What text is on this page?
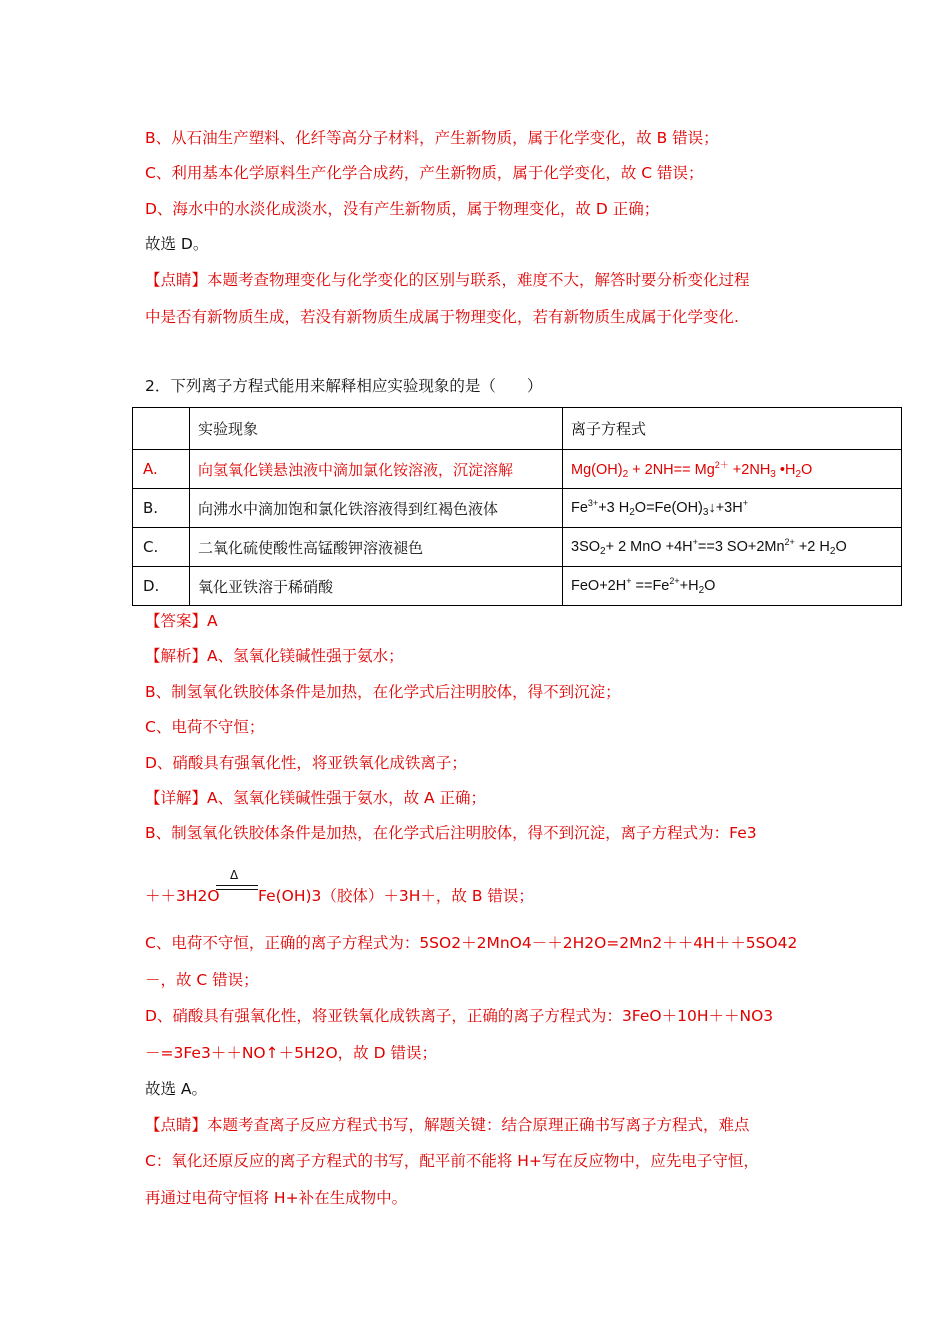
B、从石油生产塑料、化纤等高分子材料，产生新物质，属于化学变化，故 B 错误；
C、利用基本化学原料生产化学合成药，产生新物质，属于化学变化，故 C 错误；
D、海水中的水淡化成淡水，没有产生新物质，属于物理变化，故 D 正确；
故选 D。
【点睛】本题考查物理变化与化学变化的区别与联系，难度不大，解答时要分析变化过程
中是否有新物质生成，若没有新物质生成属于物理变化，若有新物质生成属于化学变化.
2．下列离子方程式能用来解释相应实验现象的是（　　）
	实验现象	离子方程式
A.	向氢氧化镁悬浊液中滴加氯化铵溶液，沉淀溶解	$Mg(OH)_2 + 2NH== Mg^{2+} +2NH_3$ $•H_2O$
B.	向沸水中滴加饱和氯化铁溶液得到红褐色液体	$Fe^{3+}+3$ $H_2O=Fe(OH)_3↓+3H^+$
C.	二氧化硫使酸性高锰酸钾溶液褪色	$3SO_2+ 2$ MnO +4H+==3 $SO+2Mn^{2+} +2$ $H_2O$
D.	氧化亚铁溶于稀硝酸	$FeO+2H^+ ==Fe^{2+}+H_2O$
【答案】A
【解析】A、氢氧化镁碱性强于氨水；
B、制氢氧化铁胶体条件是加热，在化学式后注明胶体，得不到沉淀；
C、电荷不守恒；
D、硝酸具有强氧化性，将亚铁氧化成铁离子；
【详解】A、氢氧化镁碱性强于氨水，故 A 正确；
B、制氢氧化铁胶体条件是加热，在化学式后注明胶体，得不到沉淀，离子方程式为：Fe3
＋＋3H2O
Δ
Fe(OH)3（胶体）＋3H＋，故 B 错误；
C、电荷不守恒，正确的离子方程式为：5SO2＋2MnO4－＋2H2O=2Mn2＋＋4H＋＋5SO42
－，故 C 错误；
D、硝酸具有强氧化性，将亚铁氧化成铁离子，正确的离子方程式为：3FeO＋10H＋＋NO3
－=3Fe3＋＋NO↑＋5H2O，故 D 错误；
故选 A。
【点睛】本题考查离子反应方程式书写，解题关键：结合原理正确书写离子方程式，难点
C：氧化还原反应的离子方程式的书写，配平前不能将 H+写在反应物中，应先电子守恒，
再通过电荷守恒将 H+补在生成物中。
